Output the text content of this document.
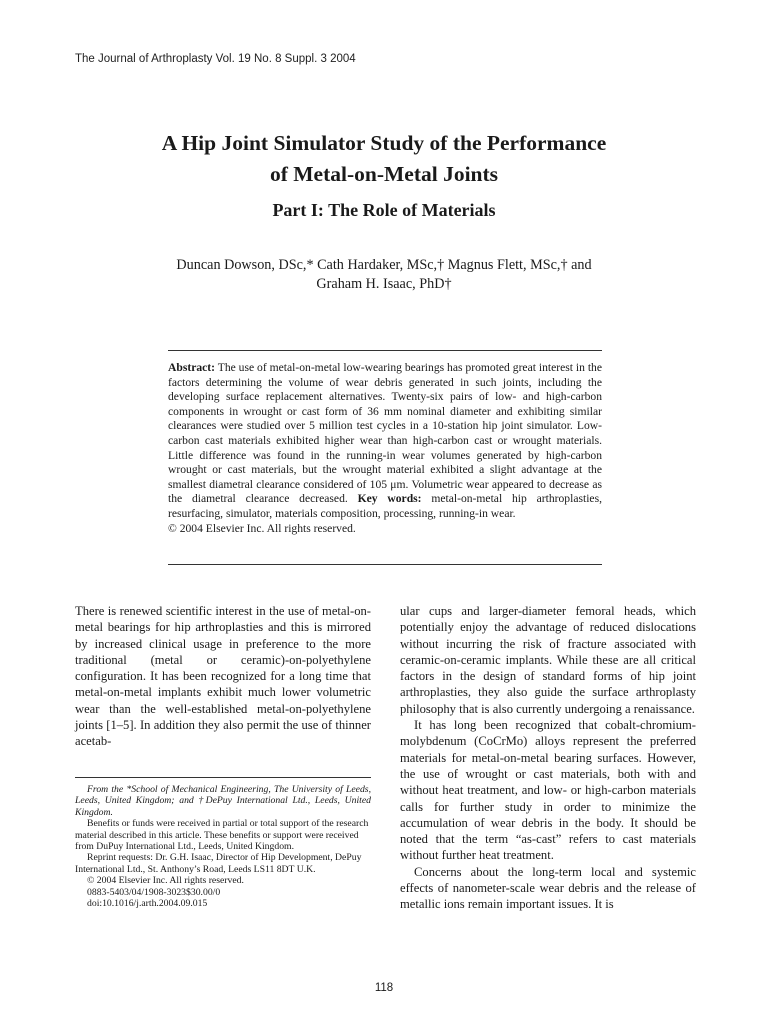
The Journal of Arthroplasty Vol. 19 No. 8 Suppl. 3 2004
A Hip Joint Simulator Study of the Performance
of Metal-on-Metal Joints
Part I: The Role of Materials

Duncan Dowson, DSc,* Cath Hardaker, MSc,† Magnus Flett, MSc,† and
Graham H. Isaac, PhD†

Abstract: The use of metal-on-metal low-wearing bearings has promoted great interest in the factors determining the volume of wear debris generated in such joints, including the developing surface replacement alternatives. Twenty-six pairs of low- and high-carbon components in wrought or cast form of 36 mm nominal diameter and exhibiting similar clearances were studied over 5 million test cycles in a 10-station hip joint simulator. Low-carbon cast materials exhibited higher wear than high-carbon cast or wrought materials. Little difference was found in the running-in wear volumes generated by high-carbon wrought or cast materials, but the wrought material exhibited a slight advantage at the smallest diametral clearance considered of 105 μm. Volumetric wear appeared to decrease as the diametral clearance decreased. Key words: metal-on-metal hip arthroplasties, resurfacing, simulator, materials composition, processing, running-in wear.
© 2004 Elsevier Inc. All rights reserved.

There is renewed scientific interest in the use of metal-on-metal bearings for hip arthroplasties and this is mirrored by increased clinical usage in preference to the more traditional (metal or ceramic)-on-polyethylene configuration. It has been recognized for a long time that metal-on-metal implants exhibit much lower volumetric wear than the well-established metal-on-polyethylene joints [1–5]. In addition they also permit the use of thinner acetab-

From the *School of Mechanical Engineering, The University of Leeds, Leeds, United Kingdom; and †DePuy International Ltd., Leeds, United Kingdom.

Benefits or funds were received in partial or total support of the research material described in this article. These benefits or support were received from DuPuy International Ltd., Leeds, United Kingdom.

Reprint requests: Dr. G.H. Isaac, Director of Hip Development, DePuy International Ltd., St. Anthony’s Road, Leeds LS11 8DT U.K.

© 2004 Elsevier Inc. All rights reserved.

0883-5403/04/1908-3023$30.00/0

doi:10.1016/j.arth.2004.09.015

ular cups and larger-diameter femoral heads, which potentially enjoy the advantage of reduced dislocations without incurring the risk of fracture associated with ceramic-on-ceramic implants. While these are all critical factors in the design of standard forms of hip joint arthroplasties, they also guide the surface arthroplasty philosophy that is also currently undergoing a renaissance.

It has long been recognized that cobalt-chromium-molybdenum (CoCrMo) alloys represent the preferred materials for metal-on-metal bearing surfaces. However, the use of wrought or cast materials, both with and without heat treatment, and low- or high-carbon materials calls for further study in order to minimize the accumulation of wear debris in the body. It should be noted that the term “as-cast” refers to cast materials without further heat treatment.

Concerns about the long-term local and systemic effects of nanometer-scale wear debris and the release of metallic ions remain important issues. It is

118
